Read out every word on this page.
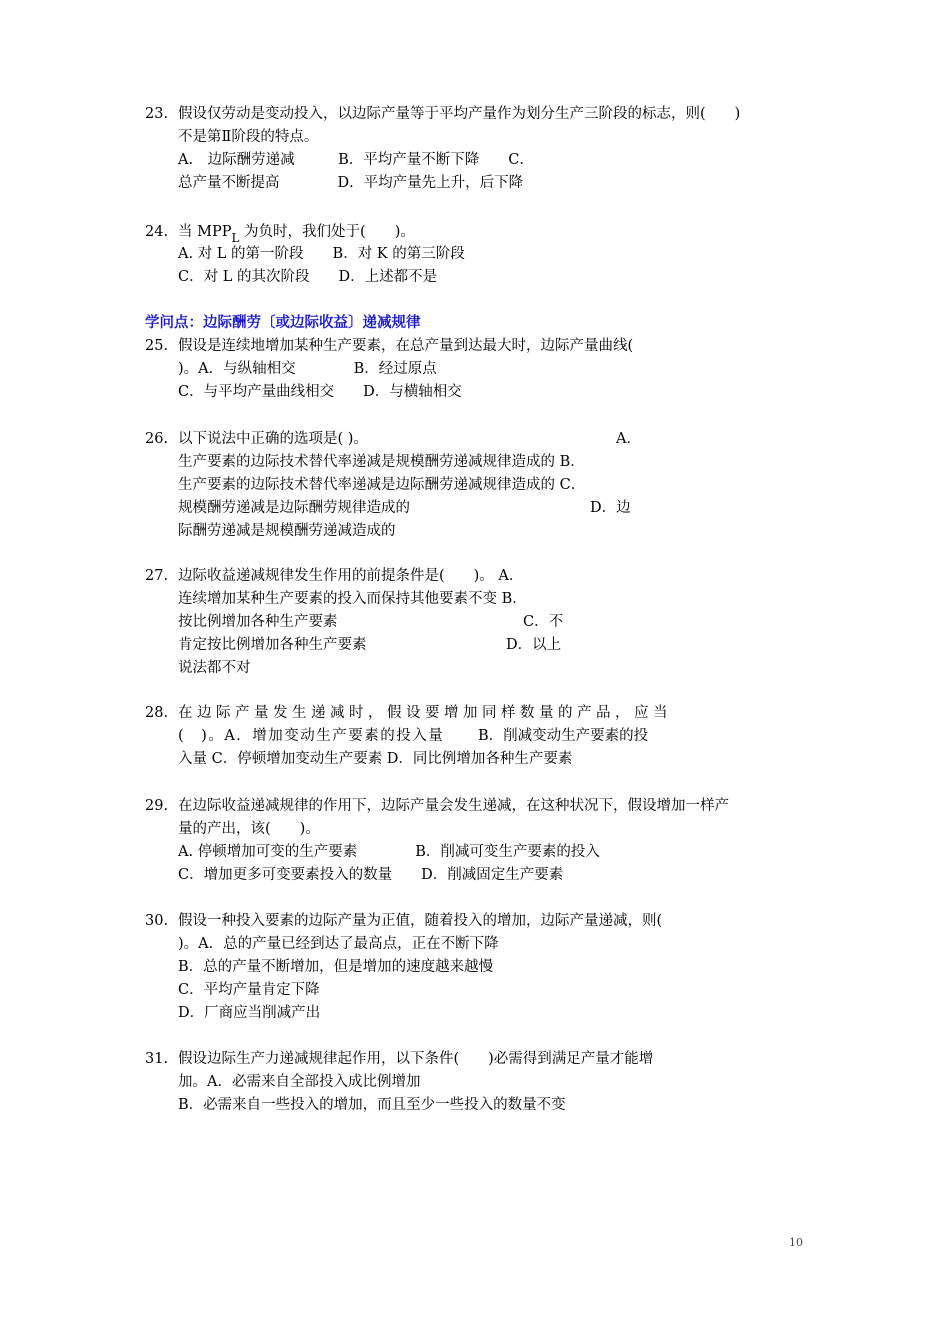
23. 假设仅劳动是变动投入，以边际产量等于平均产量作为划分生产三阶段的标志，则(　　)
不是第Ⅱ阶段的特点。
A.　边际酬劳递减　　　B．平均产量不断下降　　C．
总产量不断提高　　　　D．平均产量先上升，后下降
24. 当 $MPP_L$ 为负时，我们处于(　　)。
A. 对 L 的第一阶段　　B．对 K 的第三阶段
C．对 L 的其次阶段　　D．上述都不是
学问点：边际酬劳〔或边际收益〕递减规律
25. 假设是连续地增加某种生产要素，在总产量到达最大时，边际产量曲线(
)。A．与纵轴相交　　　　B．经过原点
C．与平均产量曲线相交　　D．与横轴相交
26. 以下说法中正确的选项是( )。	A．
生产要素的边际技术替代率递减是规模酬劳递减规律造成的 B．
生产要素的边际技术替代率递减是边际酬劳递减规律造成的 C．
规模酬劳递减是边际酬劳规律造成的	D．边
际酬劳递减是规模酬劳递减造成的
27. 边际收益递减规律发生作用的前提条件是(　　)。 A．
连续增加某种生产要素的投入而保持其他要素不变 B．
按比例增加各种生产要素	C．不
肯定按比例增加各种生产要素	D．以上
说法都不对
28. 在边际产量发生递减时，假设要增加同样数量的产品，应当
(　)。A．增加变动生产要素的投入量 B．削减变动生产要素的投
入量 C．停顿增加变动生产要素 D．同比例增加各种生产要素
29. 在边际收益递减规律的作用下，边际产量会发生递减，在这种状况下，假设增加一样产
量的产出，该(　　)。
A. 停顿增加可变的生产要素　　　　B．削减可变生产要素的投入
C．增加更多可变要素投入的数量　　D．削减固定生产要素
30. 假设一种投入要素的边际产量为正值，随着投入的增加，边际产量递减，则(
)。A．总的产量已经到达了最高点，正在不断下降
B．总的产量不断增加，但是增加的速度越来越慢
C．平均产量肯定下降
D．厂商应当削减产出
31. 假设边际生产力递减规律起作用，以下条件(　　)必需得到满足产量才能增
加。A．必需来自全部投入成比例增加
B．必需来自一些投入的增加，而且至少一些投入的数量不变
10
